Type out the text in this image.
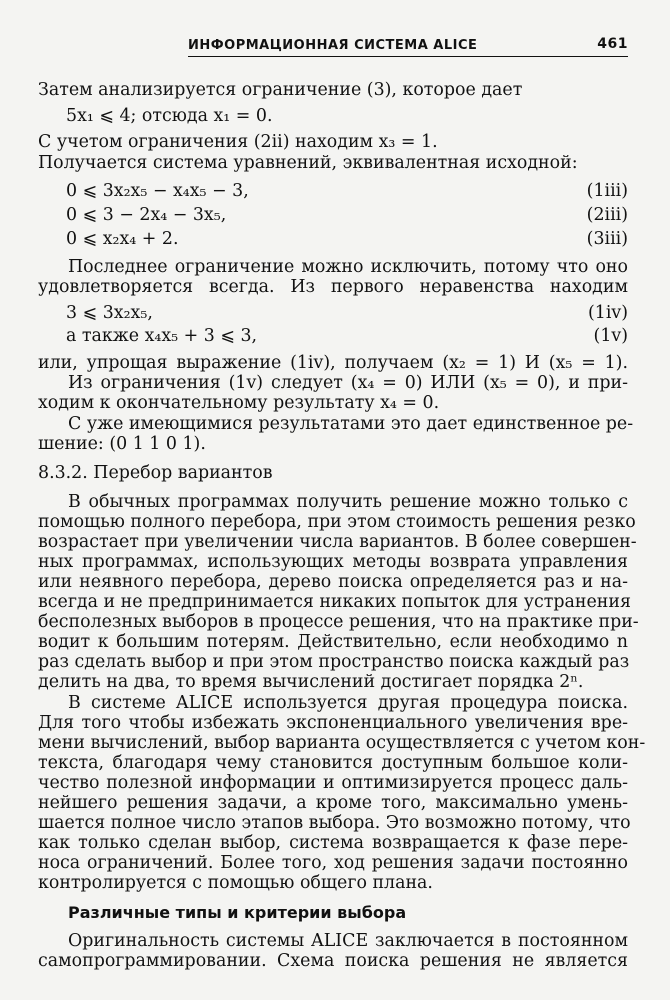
ИНФОРМАЦИОННАЯ СИСТЕМА ALICE	461
Затем анализируется ограничение (3), которое дает
5x₁ ⩽ 4; отсюда x₁ = 0.
С учетом ограничения (2ii) находим x₃ = 1.
Получается система уравнений, эквивалентная исходной:
0 ⩽ 3x₂x₅ − x₄x₅ − 3,	(1iii)
0 ⩽ 3 − 2x₄ − 3x₅,	(2iii)
0 ⩽ x₂x₄ + 2.	(3iii)
Последнее ограничение можно исключить, потому что оно
удовлетворяется всегда. Из первого неравенства находим
3 ⩽ 3x₂x₅,	(1iv)
а также x₄x₅ + 3 ⩽ 3,	(1v)
или, упрощая выражение (1iv), получаем (x₂ = 1) И (x₅ = 1).
Из ограничения (1v) следует (x₄ = 0) ИЛИ (x₅ = 0), и при-
ходим к окончательному результату x₄ = 0.
С уже имеющимися результатами это дает единственное ре-
шение: (0 1 1 0 1).
8.3.2. Перебор вариантов
В обычных программах получить решение можно только с
помощью полного перебора, при этом стоимость решения резко
возрастает при увеличении числа вариантов. В более совершен-
ных программах, использующих методы возврата управления
или неявного перебора, дерево поиска определяется раз и на-
всегда и не предпринимается никаких попыток для устранения
бесполезных выборов в процессе решения, что на практике при-
водит к большим потерям. Действительно, если необходимо n
раз сделать выбор и при этом пространство поиска каждый раз
делить на два, то время вычислений достигает порядка 2ⁿ.
В системе ALICE используется другая процедура поиска.
Для того чтобы избежать экспоненциального увеличения вре-
мени вычислений, выбор варианта осуществляется с учетом кон-
текста, благодаря чему становится доступным большое коли-
чество полезной информации и оптимизируется процесс даль-
нейшего решения задачи, а кроме того, максимально умень-
шается полное число этапов выбора. Это возможно потому, что
как только сделан выбор, система возвращается к фазе пере-
носа ограничений. Более того, ход решения задачи постоянно
контролируется с помощью общего плана.
Различные типы и критерии выбора
Оригинальность системы ALICE заключается в постоянном
самопрограммировании. Схема поиска решения не является
